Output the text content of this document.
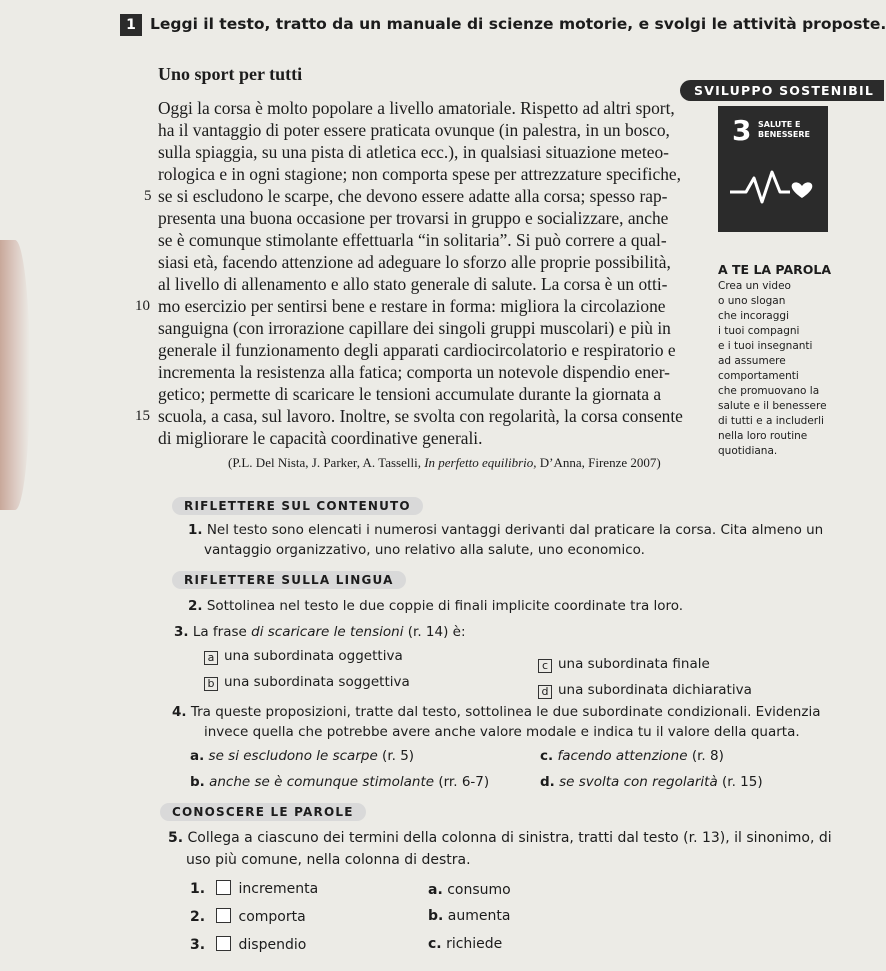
1 Leggi il testo, tratto da un manuale di scienze motorie, e svolgi le attività proposte.
Uno sport per tutti
SVILUPPO SOSTENIBIL
Oggi la corsa è molto popolare a livello amatoriale. Rispetto ad altri sport,
ha il vantaggio di poter essere praticata ovunque (in palestra, in un bosco,
sulla spiaggia, su una pista di atletica ecc.), in qualsiasi situazione meteo-
rologica e in ogni stagione; non comporta spese per attrezzature specifiche,
se si escludono le scarpe, che devono essere adatte alla corsa; spesso rap-
presenta una buona occasione per trovarsi in gruppo e socializzare, anche
se è comunque stimolante effettuarla “in solitaria”. Si può correre a qual-
siasi età, facendo attenzione ad adeguare lo sforzo alle proprie possibilità,
al livello di allenamento e allo stato generale di salute. La corsa è un otti-
mo esercizio per sentirsi bene e restare in forma: migliora la circolazione
sanguigna (con irrorazione capillare dei singoli gruppi muscolari) e più in
generale il funzionamento degli apparati cardiocircolatorio e respiratorio e
incrementa la resistenza alla fatica; comporta un notevole dispendio ener-
getico; permette di scaricare le tensioni accumulate durante la giornata a
scuola, a casa, sul lavoro. Inoltre, se svolta con regolarità, la corsa consente
di migliorare le capacità coordinative generali.
5
10
15
(P.L. Del Nista, J. Parker, A. Tasselli, In perfetto equilibrio, D’Anna, Firenze 2007)
3 SALUTE E
BENESSERE
A TE LA PAROLA
Crea un video
o uno slogan
che incoraggi
i tuoi compagni
e i tuoi insegnanti
ad assumere
comportamenti
che promuovano la
salute e il benessere
di tutti e a includerli
nella loro routine
quotidiana.
RIFLETTERE SUL CONTENUTO
1. Nel testo sono elencati i numerosi vantaggi derivanti dal praticare la corsa. Cita almeno un
vantaggio organizzativo, uno relativo alla salute, uno economico.
RIFLETTERE SULLA LINGUA
2. Sottolinea nel testo le due coppie di finali implicite coordinate tra loro.
3. La frase di scaricare le tensioni (r. 14) è:
a una subordinata oggettiva
b una subordinata soggettiva
c una subordinata finale
d una subordinata dichiarativa
4. Tra queste proposizioni, tratte dal testo, sottolinea le due subordinate condizionali. Evidenzia
invece quella che potrebbe avere anche valore modale e indica tu il valore della quarta.
a. se si escludono le scarpe (r. 5)
b. anche se è comunque stimolante (rr. 6-7)
c. facendo attenzione (r. 8)
d. se svolta con regolarità (r. 15)
CONOSCERE LE PAROLE
5. Collega a ciascuno dei termini della colonna di sinistra, tratti dal testo (r. 13), il sinonimo, di
uso più comune, nella colonna di destra.
1. incrementa
2. comporta
3. dispendio
a. consumo
b. aumenta
c. richiede
